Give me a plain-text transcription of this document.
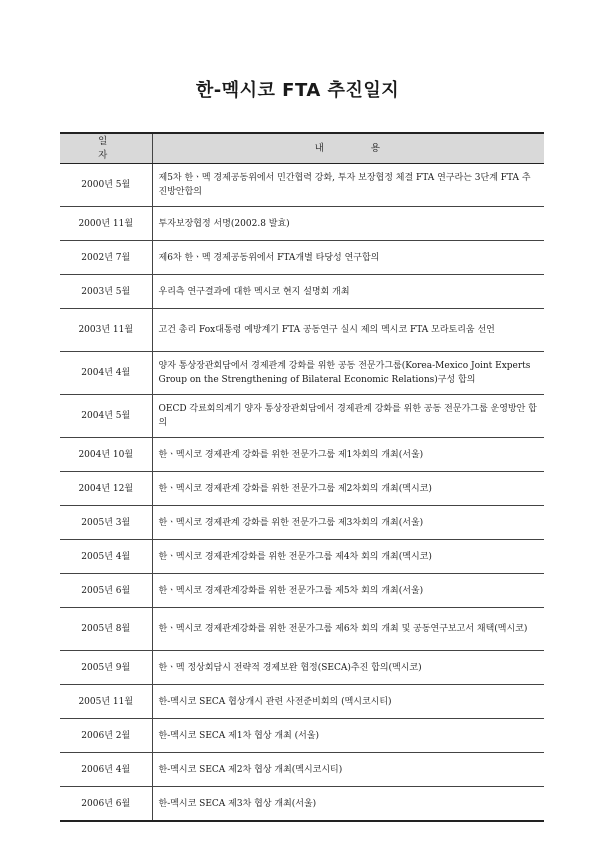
한-멕시코 FTA 추진일지
일 자	내 용
2000년 5월	제5차 한ㆍ멕 경제공동위에서 민간협력 강화, 투자 보장협정 체결 FTA 연구라는 3단계 FTA 추진방안합의
2000년 11월	투자보장협정 서명(2002.8 발효)
2002년 7월	제6차 한ㆍ멕 경제공동위에서 FTA개별 타당성 연구합의
2003년 5월	우리측 연구결과에 대한 멕시코 현지 설명회 개최
2003년 11월	고건 총리 Fox대통령 예방계기 FTA 공동연구 실시 제의 멕시코 FTA 모라토리움 선언
2004년 4월	양자 통상장관회담에서 경제관계 강화를 위한 공동 전문가그룹(Korea-Mexico Joint Experts Group on the Strengthening of Bilateral Economic Relations)구성 합의
2004년 5월	OECD 각료회의계기 양자 통상장관회담에서 경제관계 강화를 위한 공동 전문가그룹 운영방안 합의
2004년 10월	한ㆍ멕시코 경제관계 강화를 위한 전문가그룹 제1차회의 개최(서울)
2004년 12월	한ㆍ멕시코 경제관계 강화를 위한 전문가그룹 제2차회의 개최(멕시코)
2005년 3월	한ㆍ멕시코 경제관계 강화를 위한 전문가그룹 제3차회의 개최(서울)
2005년 4월	한ㆍ멕시코 경제관계강화를 위한 전문가그룹 제4차 회의 개최(멕시코)
2005년 6월	한ㆍ멕시코 경제관계강화를 위한 전문가그룹 제5차 회의 개최(서울)
2005년 8월	한ㆍ멕시코 경제관계강화를 위한 전문가그룹 제6차 회의 개최 및 공동연구보고서 채택(멕시코)
2005년 9월	한ㆍ멕 정상회담시 전략적 경제보완 협정(SECA)추진 합의(멕시코)
2005년 11월	한-멕시코 SECA 협상개시 관련 사전준비회의 (멕시코시티)
2006년 2월	한-멕시코 SECA 제1차 협상 개최 (서울)
2006년 4월	한-멕시코 SECA 제2차 협상 개최(멕시코시티)
2006년 6월	한-멕시코 SECA 제3차 협상 개최(서울)
